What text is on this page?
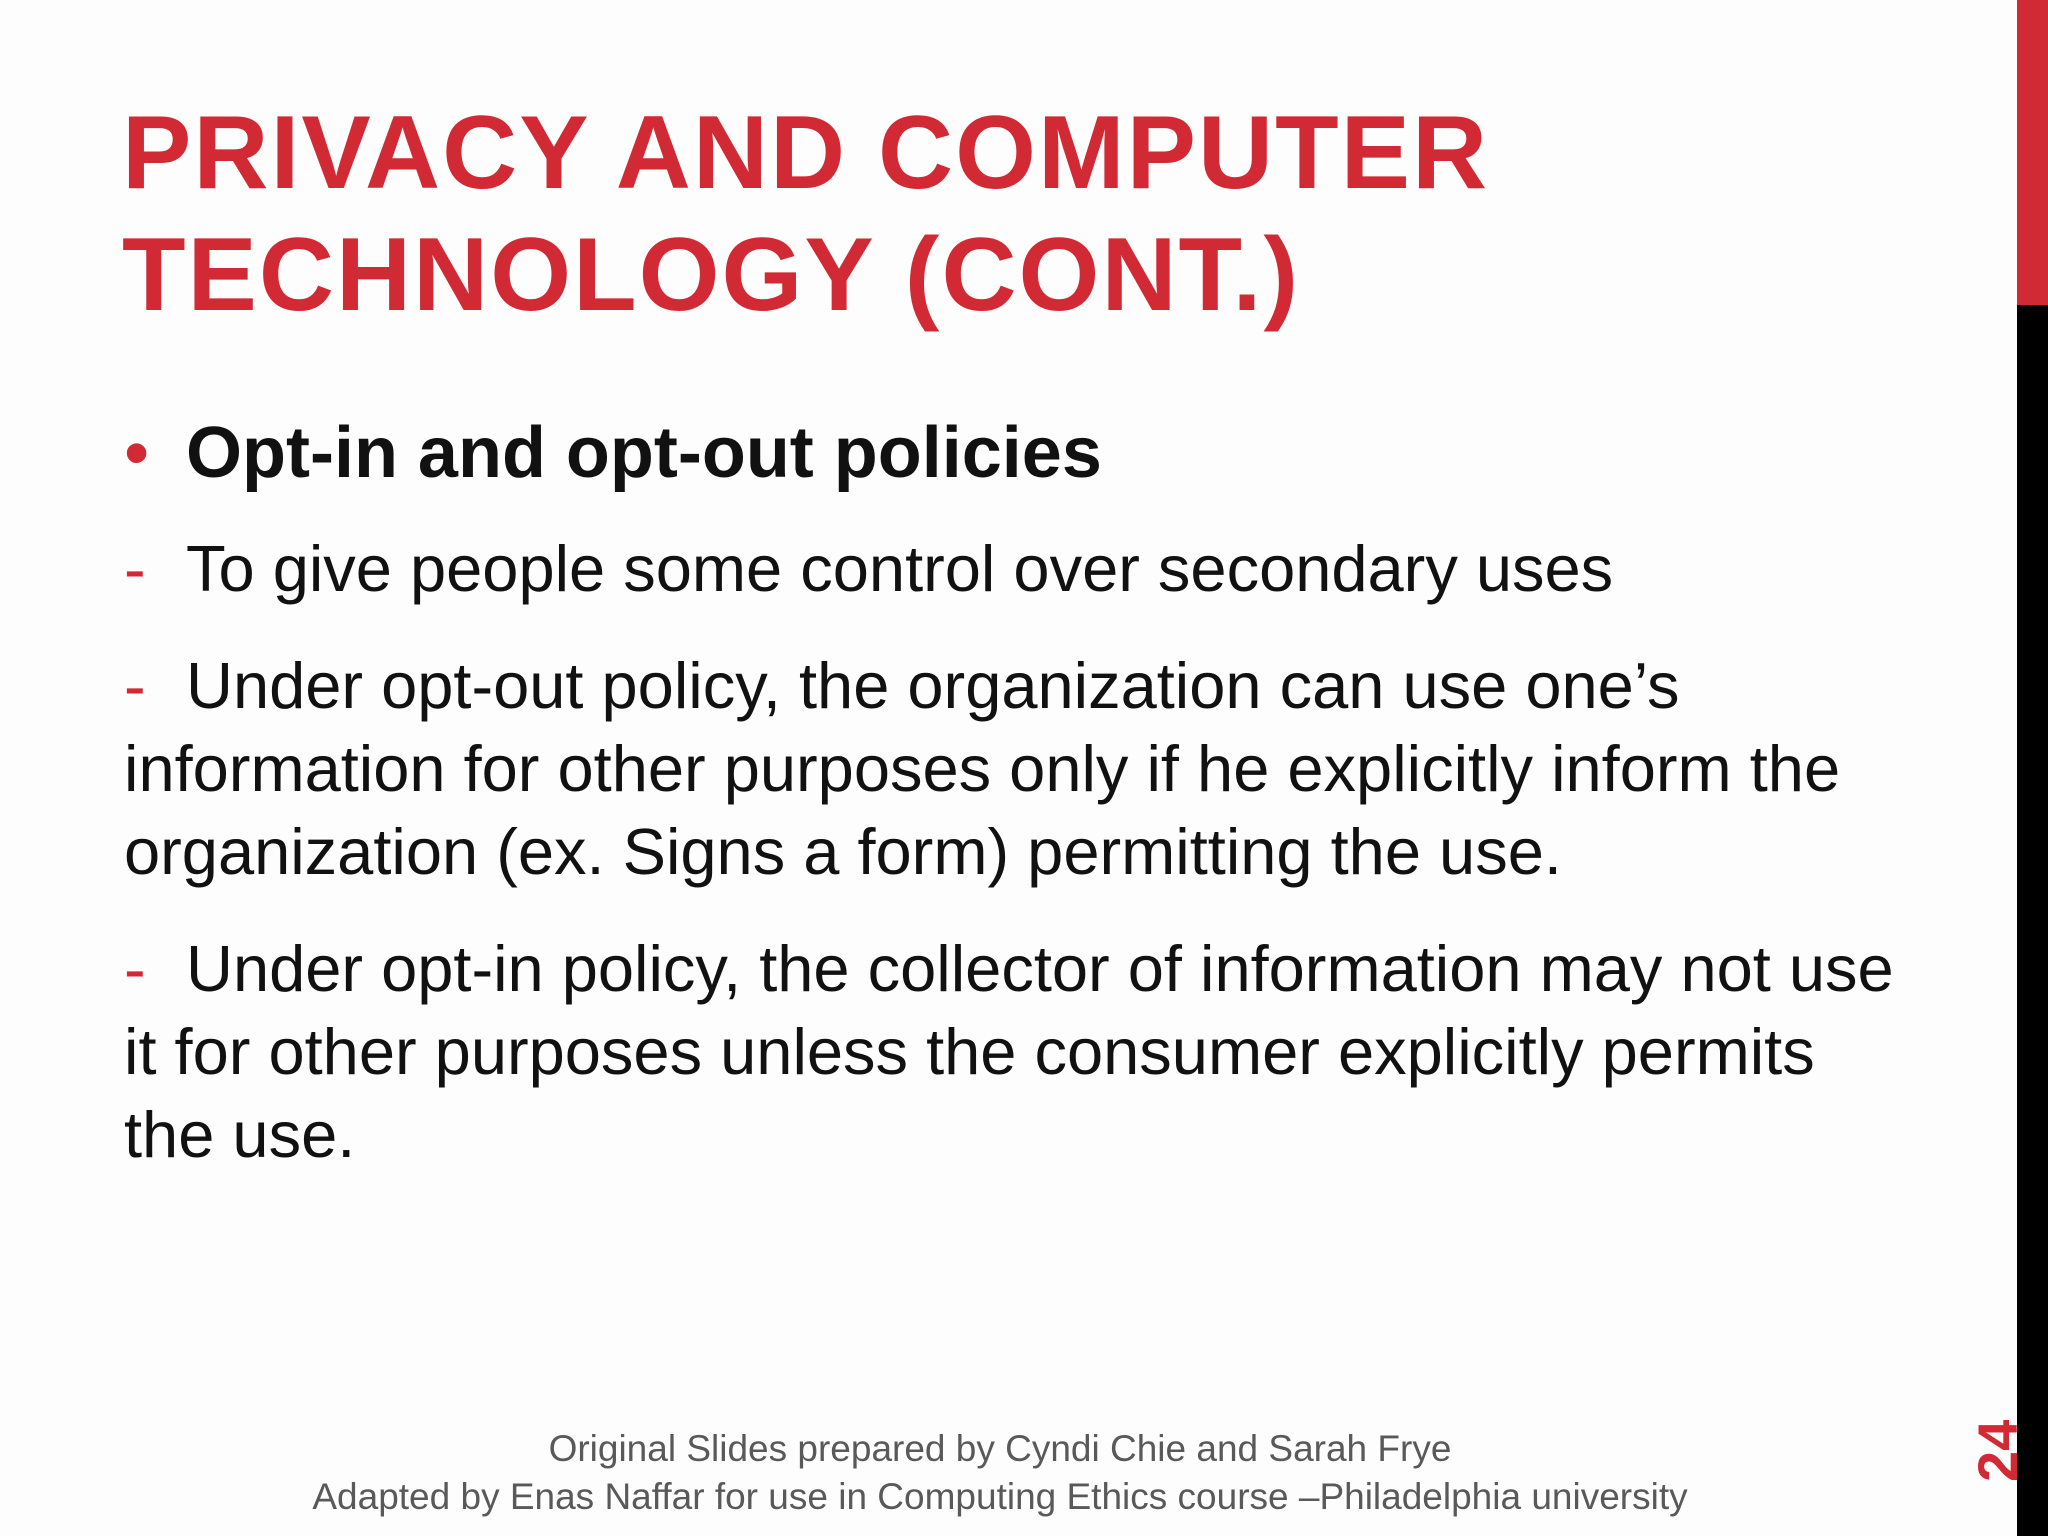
PRIVACY AND COMPUTER
TECHNOLOGY (CONT.)
• Opt-in and opt-out policies
- To give people some control over secondary uses
- Under opt-out policy, the organization can use one’s information for other purposes only if he explicitly inform the organization (ex. Signs a form) permitting the use.
- Under opt-in policy, the collector of information may not use it for other purposes unless the consumer explicitly permits the use.
Original Slides prepared by Cyndi Chie and Sarah Frye
Adapted by Enas Naffar for use in Computing Ethics course –Philadelphia university
24
